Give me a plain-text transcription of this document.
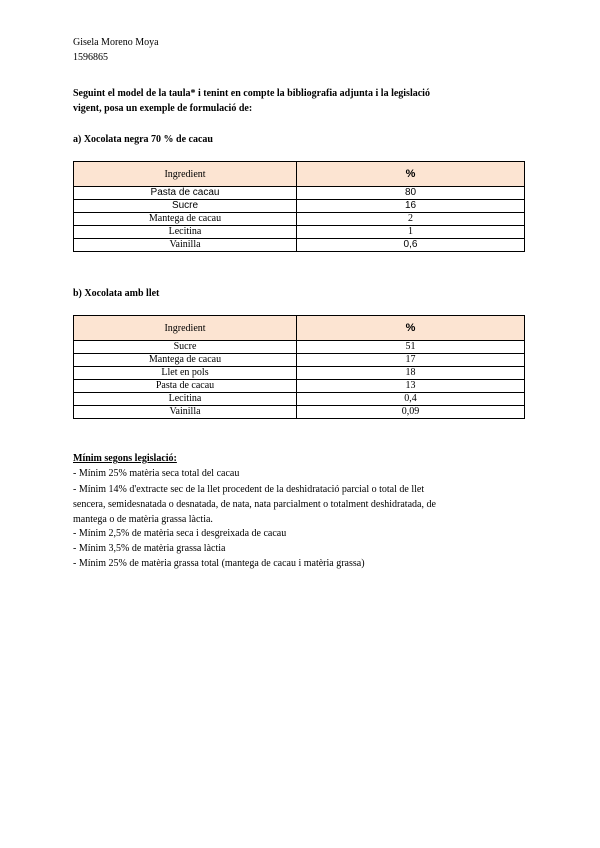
Gisela Moreno Moya
1596865
Seguint el model de la taula* i tenint en compte la bibliografia adjunta i la legislació
vigent, posa un exemple de formulació de:
a) Xocolata negra 70 % de cacau
Ingredient	%
Pasta de cacau	80
Sucre	16
Mantega de cacau	2
Lecitina	1
Vainilla	0,6
b) Xocolata amb llet
Ingredient	%
Sucre	51
Mantega de cacau	17
Llet en pols	18
Pasta de cacau	13
Lecitina	0,4
Vainilla	0,09
Mínim segons legislació:
- Mínim 25% matèria seca total del cacau
- Mínim 14% d'extracte sec de la llet procedent de la deshidratació parcial o total de llet
sencera, semidesnatada o desnatada, de nata, nata parcialment o totalment deshidratada, de
mantega o de matèria grassa làctia.
- Mínim 2,5% de matèria seca i desgreixada de cacau
- Mínim 3,5% de matèria grassa làctia
- Mínim 25% de matèria grassa total (mantega de cacau i matèria grassa)
